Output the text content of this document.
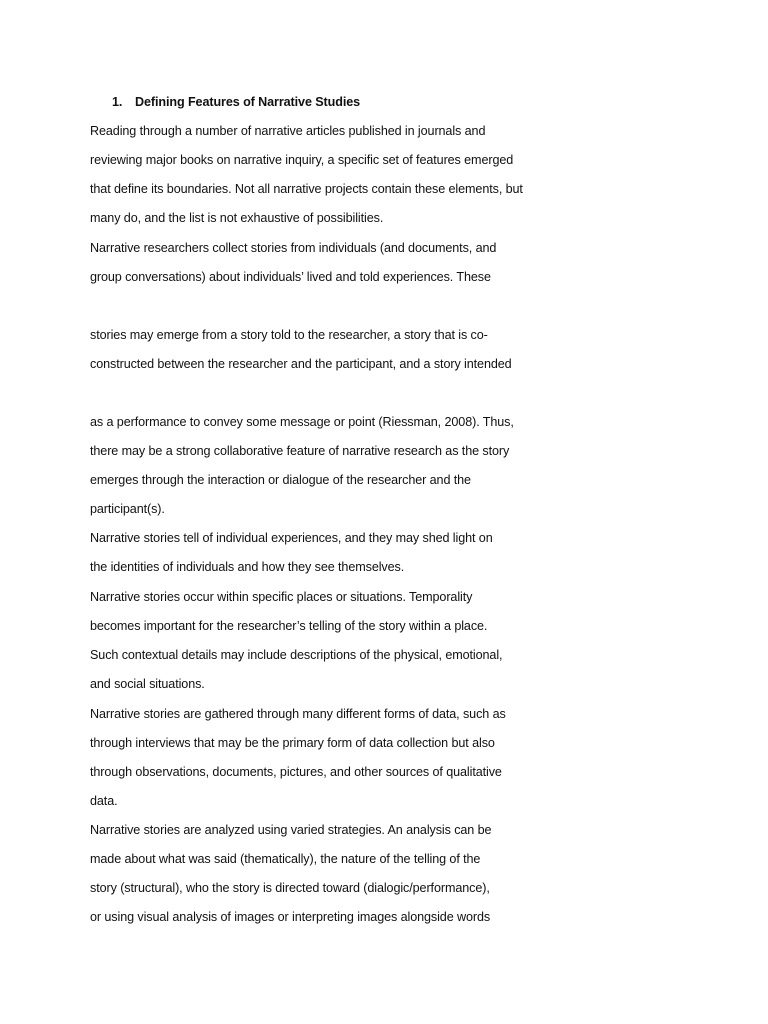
1. Defining Features of Narrative Studies
Reading through a number of narrative articles published in journals and
reviewing major books on narrative inquiry, a specific set of features emerged
that define its boundaries. Not all narrative projects contain these elements, but
many do, and the list is not exhaustive of possibilities.
Narrative researchers collect stories from individuals (and documents, and
group conversations) about individuals’ lived and told experiences. These
stories may emerge from a story told to the researcher, a story that is co-
constructed between the researcher and the participant, and a story intended
as a performance to convey some message or point (Riessman, 2008). Thus,
there may be a strong collaborative feature of narrative research as the story
emerges through the interaction or dialogue of the researcher and the
participant(s).
Narrative stories tell of individual experiences, and they may shed light on
the identities of individuals and how they see themselves.
Narrative stories occur within specific places or situations. Temporality
becomes important for the researcher’s telling of the story within a place.
Such contextual details may include descriptions of the physical, emotional,
and social situations.
Narrative stories are gathered through many different forms of data, such as
through interviews that may be the primary form of data collection but also
through observations, documents, pictures, and other sources of qualitative
data.
Narrative stories are analyzed using varied strategies. An analysis can be
made about what was said (thematically), the nature of the telling of the
story (structural), who the story is directed toward (dialogic/performance),
or using visual analysis of images or interpreting images alongside words
